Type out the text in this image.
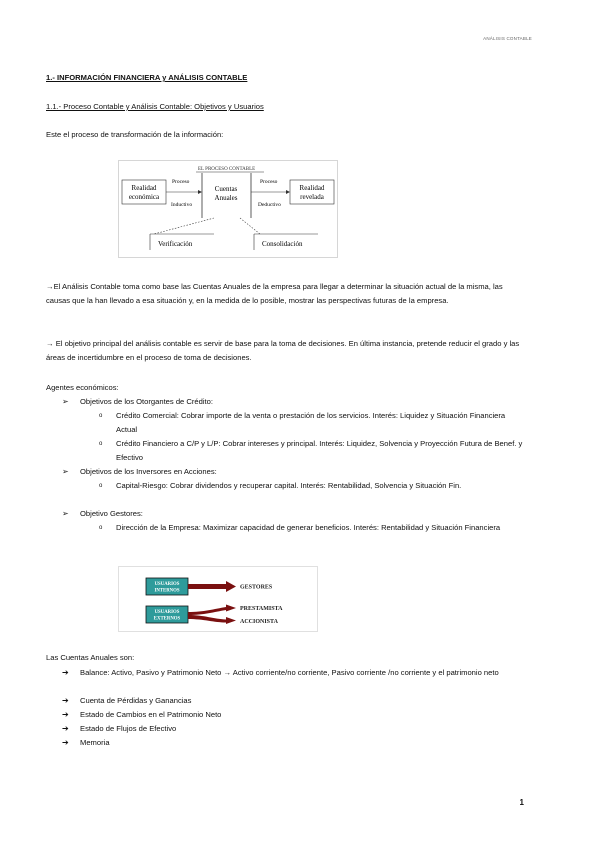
ANÁLISIS CONTABLE
1.- INFORMACIÓN FINANCIERA y ANÁLISIS CONTABLE
1.1.- Proceso Contable y Análisis Contable: Objetivos y Usuarios
Este el proceso de transformación de la información:
EL PROCESO CONTABLE
Realidad
económica
Proceso
Inductivo
Cuentas
Anuales
Proceso
Deductivo
Realidad
revelada
Verificación	Consolidación
→El Análisis Contable toma como base las Cuentas Anuales de la empresa para llegar a determinar la situación actual de la misma, las causas que la han llevado a esa situación y, en la medida de lo posible, mostrar las perspectivas futuras de la empresa.
→ El objetivo principal del análisis contable es servir de base para la toma de decisiones. En última instancia, pretende reducir el grado y las áreas de incertidumbre en el proceso de toma de decisiones.
Agentes económicos:
➢ Objetivos de los Otorgantes de Crédito:
o Crédito Comercial: Cobrar importe de la venta o prestación de los servicios. Interés: Liquidez y Situación Financiera Actual
o Crédito Financiero a C/P y L/P: Cobrar intereses y principal. Interés: Liquidez, Solvencia y Proyección Futura de Benef. y Efectivo
➢ Objetivos de los Inversores en Acciones:
o Capital-Riesgo: Cobrar dividendos y recuperar capital. Interés: Rentabilidad, Solvencia y Situación Fin.
➢ Objetivo Gestores:
o Dirección de la Empresa: Maximizar capacidad de generar beneficios. Interés: Rentabilidad y Situación Financiera
USUARIOS
INTERNOS
USUARIOS
EXTERNOS
GESTORES
PRESTAMISTA
ACCIONISTA
Las Cuentas Anuales son:
➔ Balance: Activo, Pasivo y Patrimonio Neto → Activo corriente/no corriente, Pasivo corriente /no corriente y el patrimonio neto
➔ Cuenta de Pérdidas y Ganancias
➔ Estado de Cambios en el Patrimonio Neto
➔ Estado de Flujos de Efectivo
➔ Memoria
1
